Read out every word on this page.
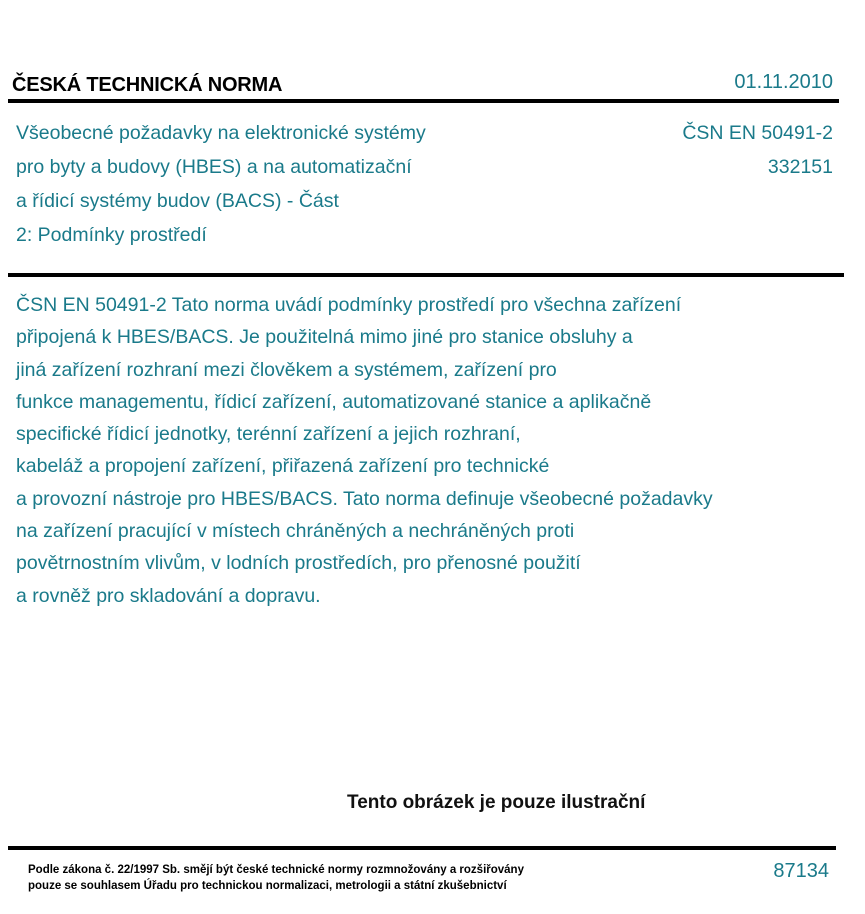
ČESKÁ TECHNICKÁ NORMA	01.11.2010
Všeobecné požadavky na elektronické systémy
pro byty a budovy (HBES) a na automatizační
a řídicí systémy budov (BACS) - Část
2: Podmínky prostředí
ČSN EN 50491-2
332151
ČSN EN 50491-2 Tato norma uvádí podmínky prostředí pro všechna zařízení
připojená k HBES/BACS. Je použitelná mimo jiné pro stanice obsluhy a
jiná zařízení rozhraní mezi člověkem a systémem, zařízení pro
funkce managementu, řídicí zařízení, automatizované stanice a aplikačně
specifické řídicí jednotky, terénní zařízení a jejich rozhraní,
kabeláž a propojení zařízení, přiřazená zařízení pro technické
a provozní nástroje pro HBES/BACS. Tato norma definuje všeobecné požadavky
na zařízení pracující v místech chráněných a nechráněných proti
povětrnostním vlivům, v lodních prostředích, pro přenosné použití
a rovněž pro skladování a dopravu.
Tento obrázek je pouze ilustrační
Podle zákona č. 22/1997 Sb. smějí být české technické normy rozmnožovány a rozšiřovány
pouze se souhlasem Úřadu pro technickou normalizaci, metrologii a státní zkušebnictví
87134
